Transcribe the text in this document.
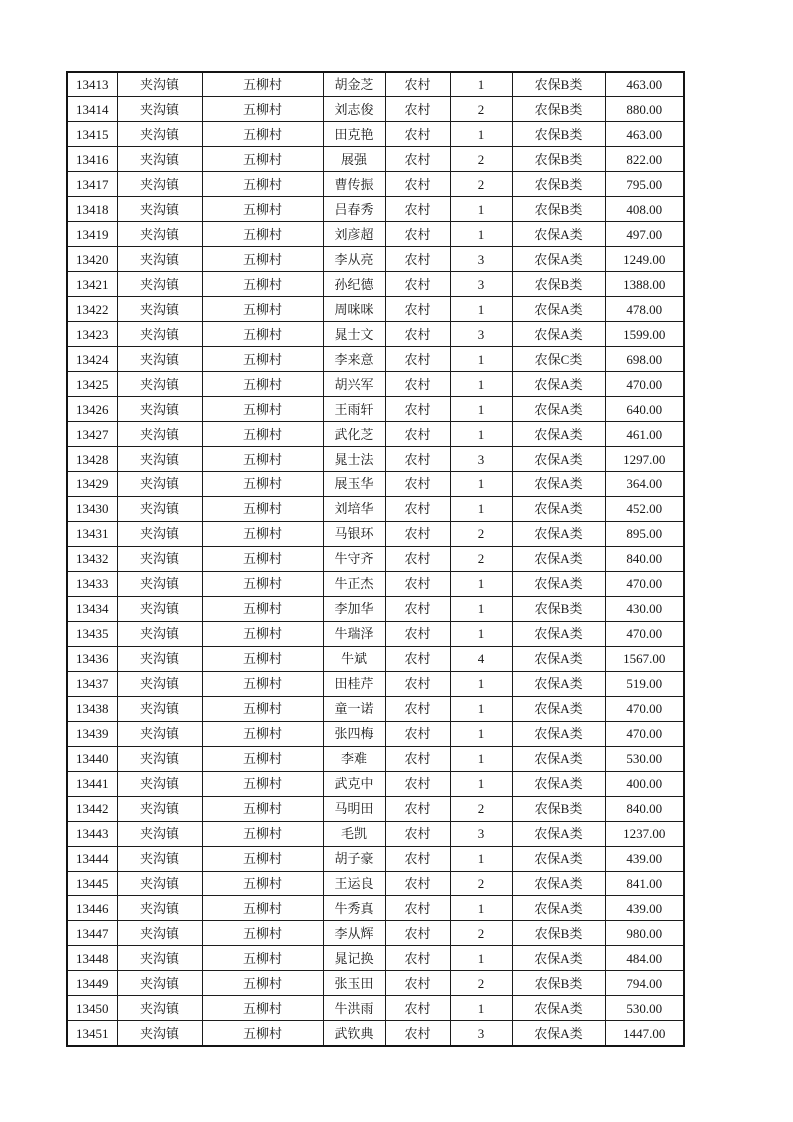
13413	夹沟镇	五柳村	胡金芝	农村	1	农保B类	463.00
13414	夹沟镇	五柳村	刘志俊	农村	2	农保B类	880.00
13415	夹沟镇	五柳村	田克艳	农村	1	农保B类	463.00
13416	夹沟镇	五柳村	展强	农村	2	农保B类	822.00
13417	夹沟镇	五柳村	曹传振	农村	2	农保B类	795.00
13418	夹沟镇	五柳村	吕春秀	农村	1	农保B类	408.00
13419	夹沟镇	五柳村	刘彦超	农村	1	农保A类	497.00
13420	夹沟镇	五柳村	李从亮	农村	3	农保A类	1249.00
13421	夹沟镇	五柳村	孙纪德	农村	3	农保B类	1388.00
13422	夹沟镇	五柳村	周咪咪	农村	1	农保A类	478.00
13423	夹沟镇	五柳村	晁士文	农村	3	农保A类	1599.00
13424	夹沟镇	五柳村	李来意	农村	1	农保C类	698.00
13425	夹沟镇	五柳村	胡兴军	农村	1	农保A类	470.00
13426	夹沟镇	五柳村	王雨轩	农村	1	农保A类	640.00
13427	夹沟镇	五柳村	武化芝	农村	1	农保A类	461.00
13428	夹沟镇	五柳村	晁士法	农村	3	农保A类	1297.00
13429	夹沟镇	五柳村	展玉华	农村	1	农保A类	364.00
13430	夹沟镇	五柳村	刘培华	农村	1	农保A类	452.00
13431	夹沟镇	五柳村	马银环	农村	2	农保A类	895.00
13432	夹沟镇	五柳村	牛守齐	农村	2	农保A类	840.00
13433	夹沟镇	五柳村	牛正杰	农村	1	农保A类	470.00
13434	夹沟镇	五柳村	李加华	农村	1	农保B类	430.00
13435	夹沟镇	五柳村	牛瑞泽	农村	1	农保A类	470.00
13436	夹沟镇	五柳村	牛斌	农村	4	农保A类	1567.00
13437	夹沟镇	五柳村	田桂芹	农村	1	农保A类	519.00
13438	夹沟镇	五柳村	童一诺	农村	1	农保A类	470.00
13439	夹沟镇	五柳村	张四梅	农村	1	农保A类	470.00
13440	夹沟镇	五柳村	李难	农村	1	农保A类	530.00
13441	夹沟镇	五柳村	武克中	农村	1	农保A类	400.00
13442	夹沟镇	五柳村	马明田	农村	2	农保B类	840.00
13443	夹沟镇	五柳村	毛凯	农村	3	农保A类	1237.00
13444	夹沟镇	五柳村	胡子豪	农村	1	农保A类	439.00
13445	夹沟镇	五柳村	王运良	农村	2	农保A类	841.00
13446	夹沟镇	五柳村	牛秀真	农村	1	农保A类	439.00
13447	夹沟镇	五柳村	李从辉	农村	2	农保B类	980.00
13448	夹沟镇	五柳村	晁记换	农村	1	农保A类	484.00
13449	夹沟镇	五柳村	张玉田	农村	2	农保B类	794.00
13450	夹沟镇	五柳村	牛洪雨	农村	1	农保A类	530.00
13451	夹沟镇	五柳村	武钦典	农村	3	农保A类	1447.00
